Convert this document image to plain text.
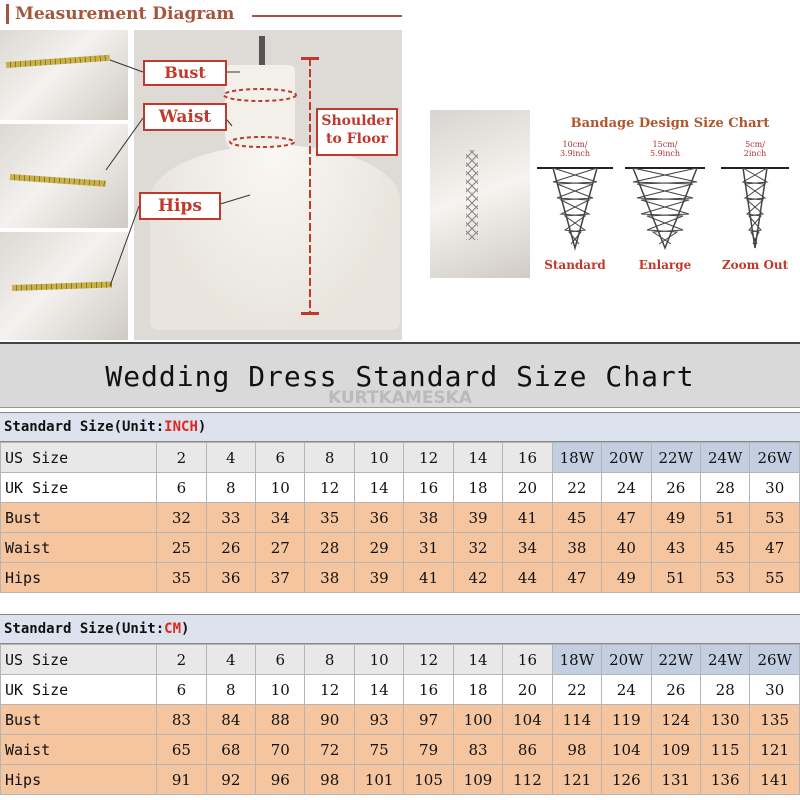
Measurement Diagram
Bust
Waist
Hips
Shoulder
to Floor
Bandage Design Size Chart
10cm/
3.9inch
Standard
15cm/
5.9inch
Enlarge
5cm/
2inch
Zoom Out
Wedding Dress Standard Size Chart
KURTKAMESKA
Standard Size(Unit:INCH)
US Size	2	4	6	8	10	12	14	16	18W	20W	22W	24W	26W
UK Size	6	8	10	12	14	16	18	20	22	24	26	28	30
Bust	32	33	34	35	36	38	39	41	45	47	49	51	53
Waist	25	26	27	28	29	31	32	34	38	40	43	45	47
Hips	35	36	37	38	39	41	42	44	47	49	51	53	55
Standard Size(Unit:CM)
US Size	2	4	6	8	10	12	14	16	18W	20W	22W	24W	26W
UK Size	6	8	10	12	14	16	18	20	22	24	26	28	30
Bust	83	84	88	90	93	97	100	104	114	119	124	130	135
Waist	65	68	70	72	75	79	83	86	98	104	109	115	121
Hips	91	92	96	98	101	105	109	112	121	126	131	136	141
